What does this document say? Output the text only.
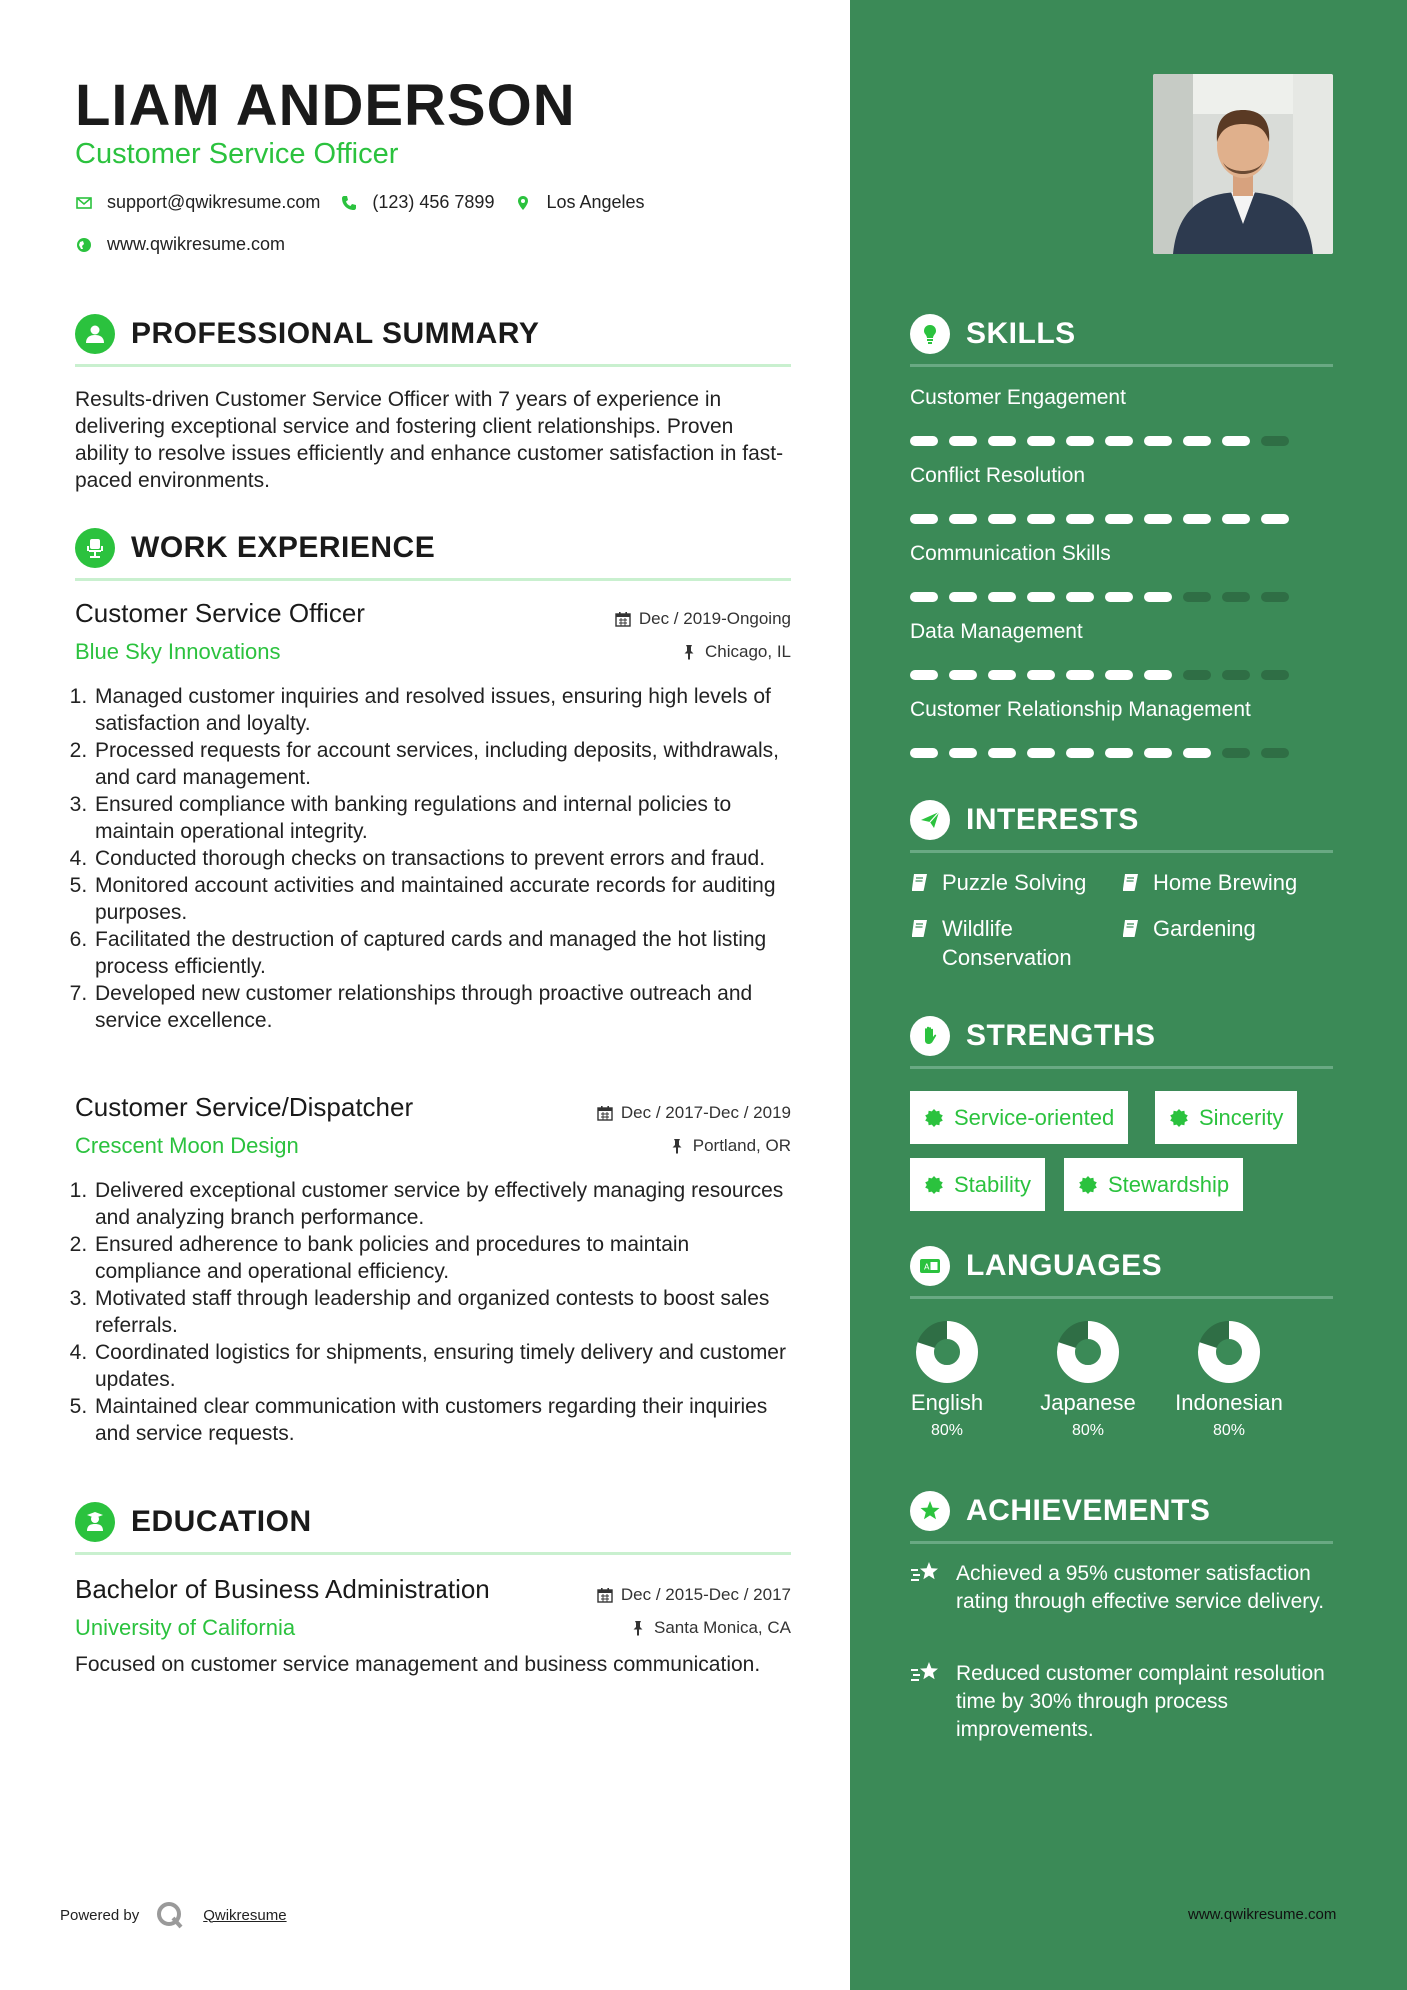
LIAM ANDERSON
Customer Service Officer
support@qwikresume.com	(123) 456 7899	Los Angeles
www.qwikresume.com
PROFESSIONAL SUMMARY
Results-driven Customer Service Officer with 7 years of experience in delivering exceptional service and fostering client relationships. Proven ability to resolve issues efficiently and enhance customer satisfaction in fast-paced environments.
WORK EXPERIENCE
Customer Service Officer	Dec / 2019-Ongoing
Blue Sky Innovations	Chicago, IL
1. Managed customer inquiries and resolved issues, ensuring high levels of satisfaction and loyalty.
2. Processed requests for account services, including deposits, withdrawals, and card management.
3. Ensured compliance with banking regulations and internal policies to maintain operational integrity.
4. Conducted thorough checks on transactions to prevent errors and fraud.
5. Monitored account activities and maintained accurate records for auditing purposes.
6. Facilitated the destruction of captured cards and managed the hot listing process efficiently.
7. Developed new customer relationships through proactive outreach and service excellence.
Customer Service/Dispatcher	Dec / 2017-Dec / 2019
Crescent Moon Design	Portland, OR
1. Delivered exceptional customer service by effectively managing resources and analyzing branch performance.
2. Ensured adherence to bank policies and procedures to maintain compliance and operational efficiency.
3. Motivated staff through leadership and organized contests to boost sales referrals.
4. Coordinated logistics for shipments, ensuring timely delivery and customer updates.
5. Maintained clear communication with customers regarding their inquiries and service requests.
EDUCATION
Bachelor of Business Administration	Dec / 2015-Dec / 2017
University of California	Santa Monica, CA
Focused on customer service management and business communication.
Powered by	Qwikresume	www.qwikresume.com
SKILLS
Customer Engagement
Conflict Resolution
Communication Skills
Data Management
Customer Relationship Management
INTERESTS
Puzzle Solving	Home Brewing
Wildlife Conservation
Gardening
STRENGTHS
Service-oriented	Sincerity
Stability	Stewardship
A LANGUAGES
English
80%
Japanese
80%
Indonesian
80%
ACHIEVEMENTS
Achieved a 95% customer satisfaction rating through effective service delivery.
Reduced customer complaint resolution time by 30% through process improvements.
